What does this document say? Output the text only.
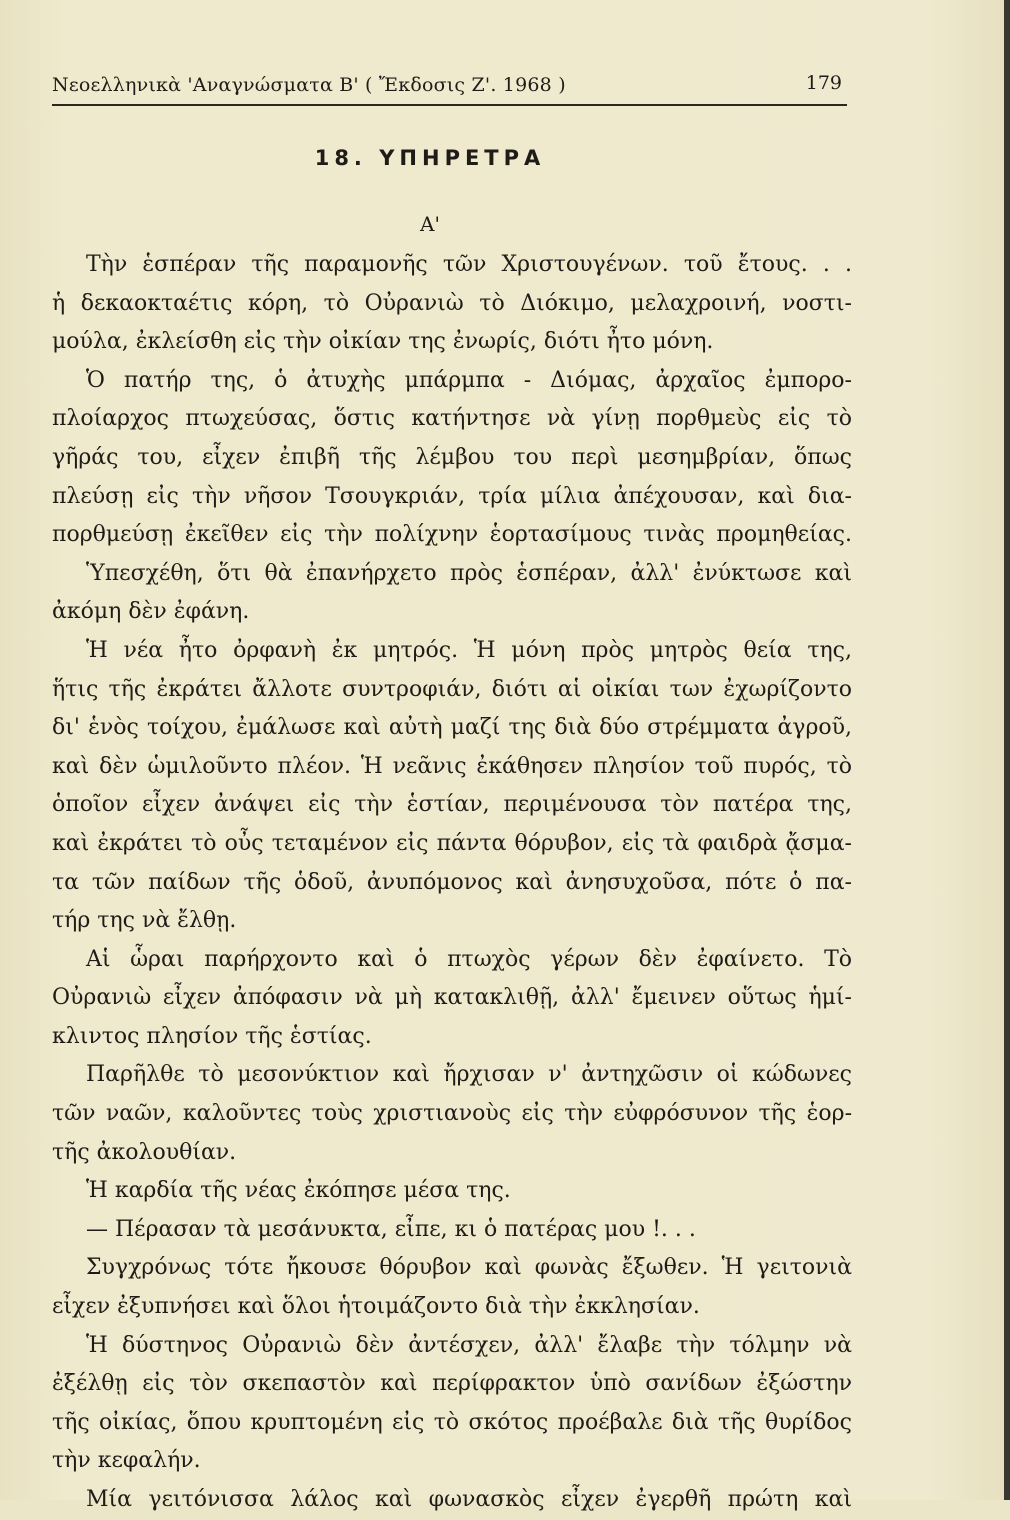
Νεοελληνικὰ 'Αναγνώσματα Β' ( Ἔκδοσις Ζ'. 1968 )	179
18. ΥΠΗΡΕΤΡΑ
Α'
Τὴν ἑσπέραν τῆς παραμονῆς τῶν Χριστουγένων. τοῦ ἔτους. . .
ἡ δεκαοκταέτις κόρη, τὸ Οὐρανιὼ τὸ Διόκιμο, μελαχροινή, νοστι-
μούλα, ἐκλείσθη εἰς τὴν οἰκίαν της ἐνωρίς, διότι ἦτο μόνη.
Ὁ πατήρ της, ὁ ἀτυχὴς μπάρμπα - Διόμας, ἀρχαῖος ἐμπορο-
πλοίαρχος πτωχεύσας, ὅστις κατήντησε νὰ γίνῃ πορθμεὺς εἰς τὸ
γῆράς του, εἶχεν ἐπιβῆ τῆς λέμβου του περὶ μεσημβρίαν, ὅπως
πλεύσῃ εἰς τὴν νῆσον Τσουγκριάν, τρία μίλια ἀπέχουσαν, καὶ δια-
πορθμεύσῃ ἐκεῖθεν εἰς τὴν πολίχνην ἑορτασίμους τινὰς προμηθείας.
Ὑπεσχέθη, ὅτι θὰ ἐπανήρχετο πρὸς ἑσπέραν, ἀλλ' ἐνύκτωσε καὶ
ἀκόμη δὲν ἐφάνη.
Ἡ νέα ἦτο ὀρφανὴ ἐκ μητρός. Ἡ μόνη πρὸς μητρὸς θεία της,
ἥτις τῆς ἐκράτει ἄλλοτε συντροφιάν, διότι αἱ οἰκίαι των ἐχωρίζοντο
δι' ἑνὸς τοίχου, ἐμάλωσε καὶ αὐτὴ μαζί της διὰ δύο στρέμματα ἀγροῦ,
καὶ δὲν ὡμιλοῦντο πλέον. Ἡ νεᾶνις ἐκάθησεν πλησίον τοῦ πυρός, τὸ
ὁποῖον εἶχεν ἀνάψει εἰς τὴν ἑστίαν, περιμένουσα τὸν πατέρα της,
καὶ ἐκράτει τὸ οὖς τεταμένον εἰς πάντα θόρυβον, εἰς τὰ φαιδρὰ ᾄσμα-
τα τῶν παίδων τῆς ὁδοῦ, ἀνυπόμονος καὶ ἀνησυχοῦσα, πότε ὁ πα-
τήρ της νὰ ἔλθῃ.
Αἱ ὧραι παρήρχοντο καὶ ὁ πτωχὸς γέρων δὲν ἐφαίνετο. Τὸ
Οὐρανιὼ εἶχεν ἀπόφασιν νὰ μὴ κατακλιθῇ, ἀλλ' ἔμεινεν οὕτως ἡμί-
κλιντος πλησίον τῆς ἑστίας.
Παρῆλθε τὸ μεσονύκτιον καὶ ἤρχισαν ν' ἀντηχῶσιν οἱ κώδωνες
τῶν ναῶν, καλοῦντες τοὺς χριστιανοὺς εἰς τὴν εὐφρόσυνον τῆς ἑορ-
τῆς ἀκολουθίαν.
Ἡ καρδία τῆς νέας ἐκόπησε μέσα της.
— Πέρασαν τὰ μεσάνυκτα, εἶπε, κι ὁ πατέρας μου !. . .
Συγχρόνως τότε ἤκουσε θόρυβον καὶ φωνὰς ἔξωθεν. Ἡ γειτονιὰ
εἶχεν ἐξυπνήσει καὶ ὅλοι ἡτοιμάζοντο διὰ τὴν ἐκκλησίαν.
Ἡ δύστηνος Οὐρανιὼ δὲν ἀντέσχεν, ἀλλ' ἔλαβε τὴν τόλμην νὰ
ἐξέλθῃ εἰς τὸν σκεπαστὸν καὶ περίφρακτον ὑπὸ σανίδων ἐξώστην
τῆς οἰκίας, ὅπου κρυπτομένη εἰς τὸ σκότος προέβαλε διὰ τῆς θυρίδος
τὴν κεφαλήν.
Μία γειτόνισσα λάλος καὶ φωνασκὸς εἶχεν ἐγερθῆ πρώτη καὶ
